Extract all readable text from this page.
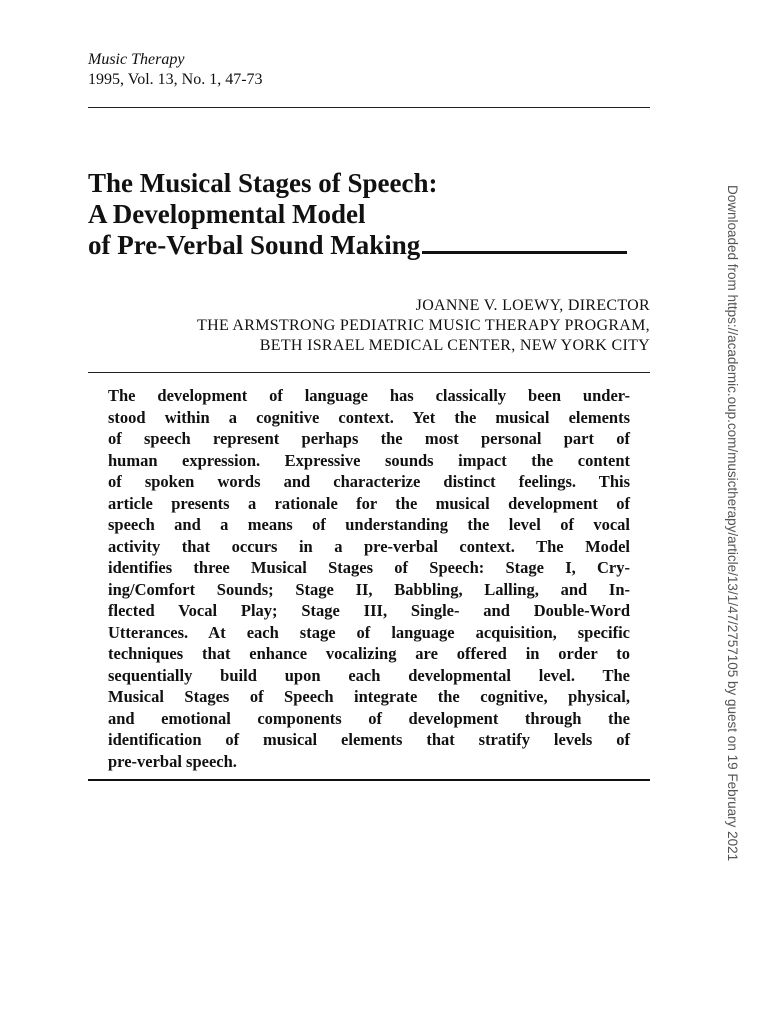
Music Therapy
1995, Vol. 13, No. 1, 47-73
The Musical Stages of Speech:
A Developmental Model
of Pre-Verbal Sound Making
JOANNE V. LOEWY, DIRECTOR
THE ARMSTRONG PEDIATRIC MUSIC THERAPY PROGRAM,
BETH ISRAEL MEDICAL CENTER, NEW YORK CITY
The development of language has classically been under-
stood within a cognitive context. Yet the musical elements
of speech represent perhaps the most personal part of
human expression. Expressive sounds impact the content
of spoken words and characterize distinct feelings. This
article presents a rationale for the musical development of
speech and a means of understanding the level of vocal
activity that occurs in a pre-verbal context. The Model
identifies three Musical Stages of Speech: Stage I, Cry-
ing/Comfort Sounds; Stage II, Babbling, Lalling, and In-
flected Vocal Play; Stage III, Single- and Double-Word
Utterances. At each stage of language acquisition, specific
techniques that enhance vocalizing are offered in order to
sequentially build upon each developmental level. The
Musical Stages of Speech integrate the cognitive, physical,
and emotional components of development through the
identification of musical elements that stratify levels of
pre-verbal speech.	Downloaded from https://academic.oup.com/musictherapy/article/13/1/47/2757105 by guest on 19 February 2021
